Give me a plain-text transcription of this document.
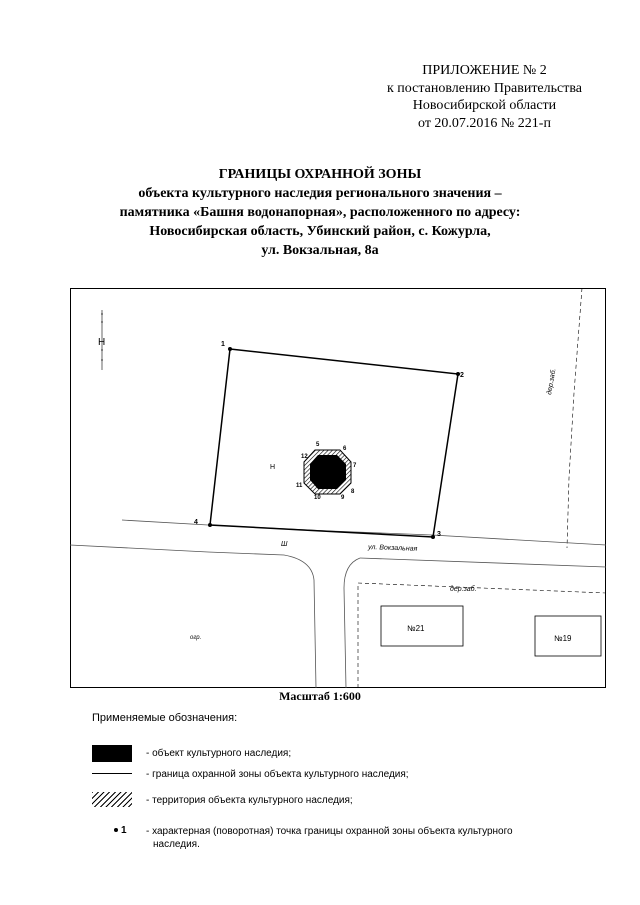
ПРИЛОЖЕНИЕ № 2
к постановлению Правительства
Новосибирской области
от 20.07.2016 № 221-п
ГРАНИЦЫ ОХРАННОЙ ЗОНЫ
объекта культурного наследия регионального значения –
памятника «Башня водонапорная», расположенного по адресу:
Новосибирская область, Убинский район, с. Кожурла,
ул. Вокзальная, 8а
Н
дер.заб.
ул. Вокзальная
Ш
дер.заб.
№21
№19
огр.
1
2
3
4
5
6
7
8
9
10
11
12
Н
Масштаб 1:600
Применяемые обозначения:
- объект культурного наследия;
- граница охранной зоны объекта культурного наследия;
- территория объекта культурного наследия;
1 - характерная (поворотная) точка границы охранной зоны объекта культурного
наследия.
